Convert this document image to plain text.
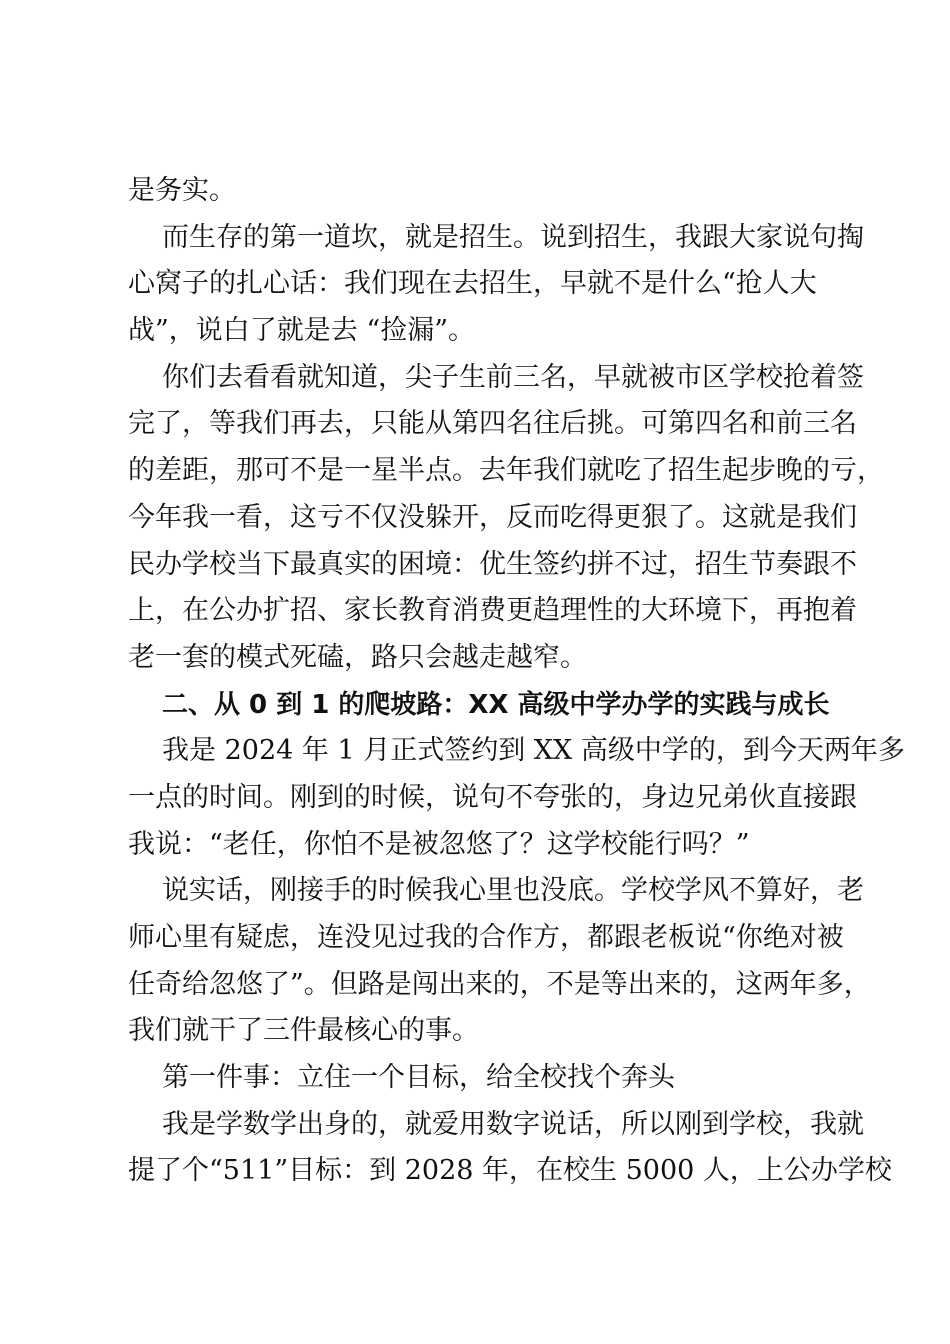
是务实。
而生存的第一道坎，就是招生。说到招生，我跟大家说句掏
心窝子的扎心话：我们现在去招生，早就不是什么“抢人大
战”，说白了就是去 “捡漏”。
你们去看看就知道，尖子生前三名，早就被市区学校抢着签
完了，等我们再去，只能从第四名往后挑。可第四名和前三名
的差距，那可不是一星半点。去年我们就吃了招生起步晚的亏，
今年我一看，这亏不仅没躲开，反而吃得更狠了。这就是我们
民办学校当下最真实的困境：优生签约拼不过，招生节奏跟不
上，在公办扩招、家长教育消费更趋理性的大环境下，再抱着
老一套的模式死磕，路只会越走越窄。
二、从 0 到 1 的爬坡路：XX 高级中学办学的实践与成长
我是 2024 年 1 月正式签约到 XX 高级中学的，到今天两年多
一点的时间。刚到的时候，说句不夸张的，身边兄弟伙直接跟
我说：“老任，你怕不是被忽悠了？这学校能行吗？”
说实话，刚接手的时候我心里也没底。学校学风不算好，老
师心里有疑虑，连没见过我的合作方，都跟老板说“你绝对被
任奇给忽悠了”。但路是闯出来的，不是等出来的，这两年多，
我们就干了三件最核心的事。
第一件事：立住一个目标，给全校找个奔头
我是学数学出身的，就爱用数字说话，所以刚到学校，我就
提了个“511”目标：到 2028 年，在校生 5000 人，上公办学校
